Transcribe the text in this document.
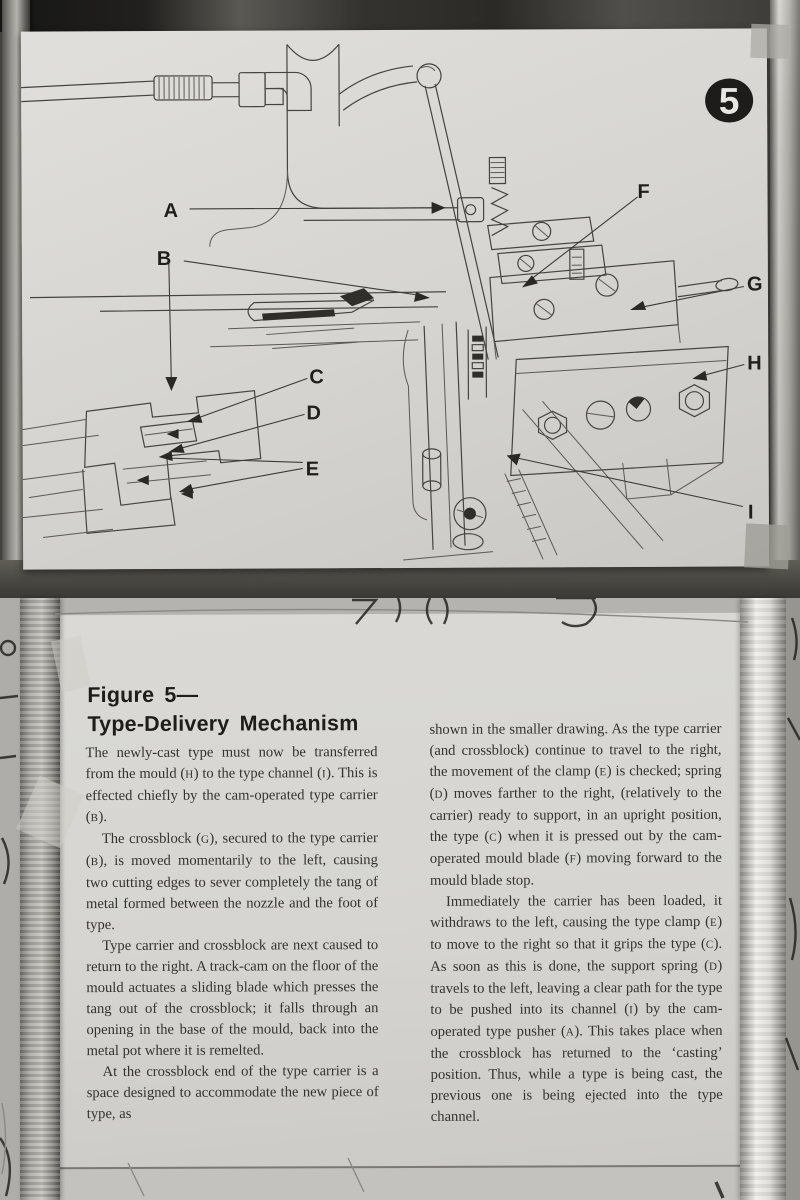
A
B
C
D
E
F
G
H
I
5
Figure 5—
Type-Delivery Mechanism

The newly-cast type must now be transferred from the mould (H) to the type channel (I). This is effected chiefly by the cam-operated type carrier (B).

The crossblock (G), secured to the type carrier (B), is moved momentarily to the left, causing two cutting edges to sever completely the tang of metal formed between the nozzle and the foot of type.

Type carrier and crossblock are next caused to return to the right. A track-cam on the floor of the mould actuates a sliding blade which presses the tang out of the crossblock; it falls through an opening in the base of the mould, back into the metal pot where it is remelted.

At the crossblock end of the type carrier is a space designed to accommodate the new piece of type, as

shown in the smaller drawing. As the type carrier (and crossblock) continue to travel to the right, the movement of the clamp (E) is checked; spring (D) moves farther to the right, (relatively to the carrier) ready to support, in an upright position, the type (C) when it is pressed out by the cam-operated mould blade (F) moving forward to the mould blade stop.

Immediately the carrier has been loaded, it withdraws to the left, causing the type clamp (E) to move to the right so that it grips the type (C). As soon as this is done, the support spring (D) travels to the left, leaving a clear path for the type to be pushed into its channel (I) by the cam-operated type pusher (A). This takes place when the crossblock has returned to the ‘casting’ position. Thus, while a type is being cast, the previous one is being ejected into the type channel.
